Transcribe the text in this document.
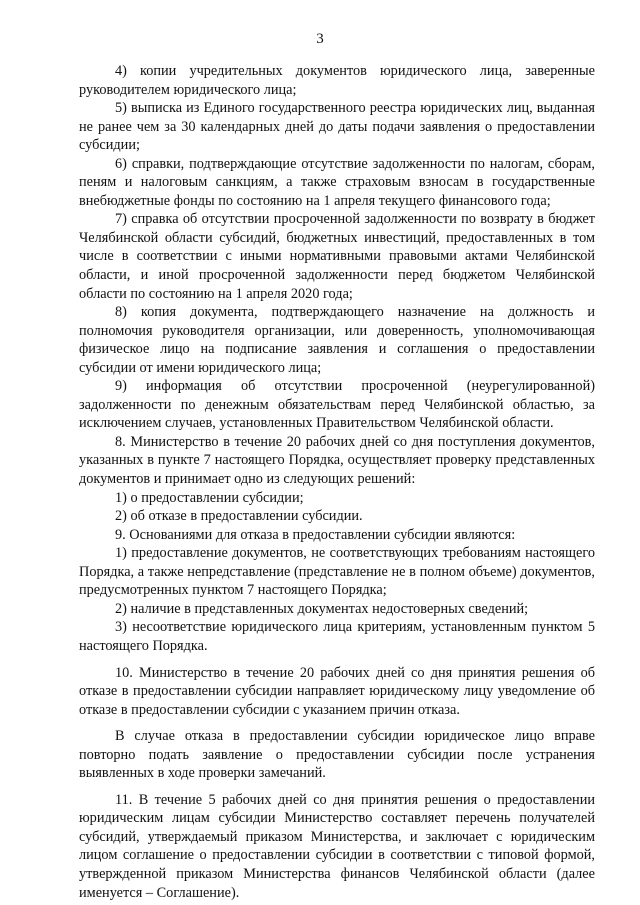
3

4) копии учредительных документов юридического лица, заверенные руководителем юридического лица;

5) выписка из Единого государственного реестра юридических лиц, выданная не ранее чем за 30 календарных дней до даты подачи заявления о предоставлении субсидии;

6) справки, подтверждающие отсутствие задолженности по налогам, сборам, пеням и налоговым санкциям, а также страховым взносам в государственные внебюджетные фонды по состоянию на 1 апреля текущего финансового года;

7) справка об отсутствии просроченной задолженности по возврату в бюджет Челябинской области субсидий, бюджетных инвестиций, предоставленных в том числе в соответствии с иными нормативными правовыми актами Челябинской области, и иной просроченной задолженности перед бюджетом Челябинской области по состоянию на 1 апреля 2020 года;

8) копия документа, подтверждающего назначение на должность и полномочия руководителя организации, или доверенность, уполномочивающая физическое лицо на подписание заявления и соглашения о предоставлении субсидии от имени юридического лица;

9) информация об отсутствии просроченной (неурегулированной) задолженности по денежным обязательствам перед Челябинской областью, за исключением случаев, установленных Правительством Челябинской области.

8. Министерство в течение 20 рабочих дней со дня поступления документов, указанных в пункте 7 настоящего Порядка, осуществляет проверку представленных документов и принимает одно из следующих решений:

1) о предоставлении субсидии;

2) об отказе в предоставлении субсидии.

9. Основаниями для отказа в предоставлении субсидии являются:

1) предоставление документов, не соответствующих требованиям настоящего Порядка, а также непредставление (представление не в полном объеме) документов, предусмотренных пунктом 7 настоящего Порядка;

2) наличие в представленных документах недостоверных сведений;

3) несоответствие юридического лица критериям, установленным пунктом 5 настоящего Порядка.

10. Министерство в течение 20 рабочих дней со дня принятия решения об отказе в предоставлении субсидии направляет юридическому лицу уведомление об отказе в предоставлении субсидии с указанием причин отказа.

В случае отказа в предоставлении субсидии юридическое лицо вправе повторно подать заявление о предоставлении субсидии после устранения выявленных в ходе проверки замечаний.

11. В течение 5 рабочих дней со дня принятия решения о предоставлении юридическим лицам субсидии Министерство составляет перечень получателей субсидий, утверждаемый приказом Министерства, и заключает с юридическим лицом соглашение о предоставлении субсидии в соответствии с типовой формой, утвержденной приказом Министерства финансов Челябинской области (далее именуется – Соглашение).
